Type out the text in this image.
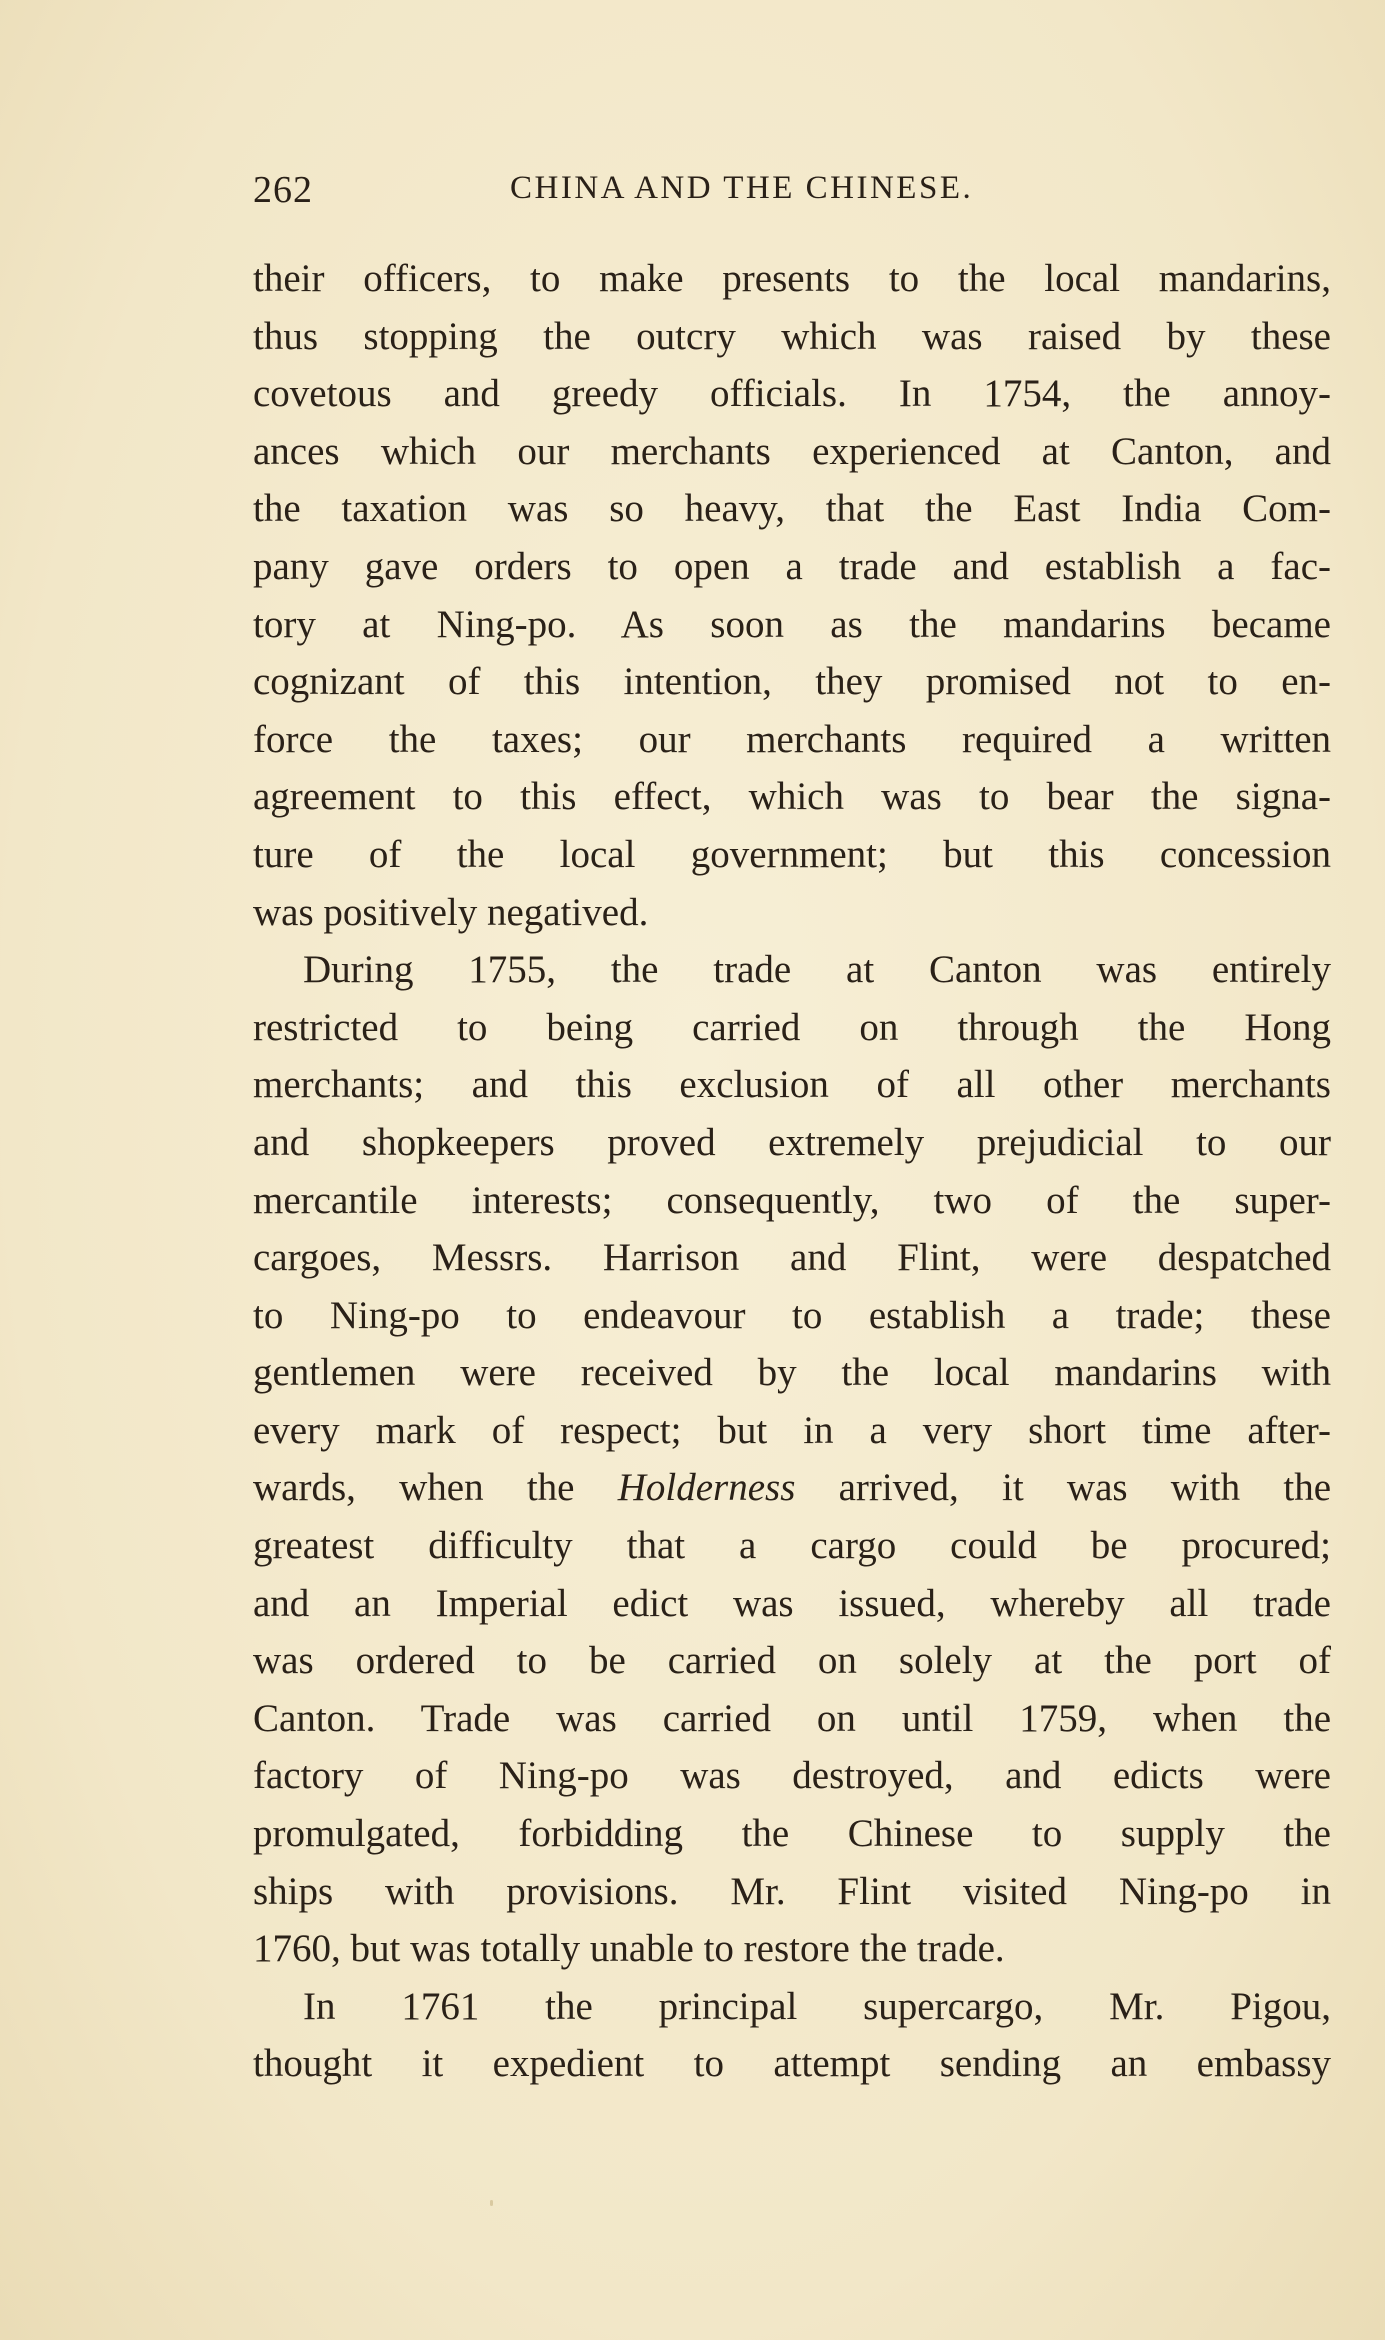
262	CHINA AND THE CHINESE.
their officers, to make presents to the local mandarins,
thus stopping the outcry which was raised by these
covetous and greedy officials. In 1754, the annoy-
ances which our merchants experienced at Canton, and
the taxation was so heavy, that the East India Com-
pany gave orders to open a trade and establish a fac-
tory at Ning-po. As soon as the mandarins became
cognizant of this intention, they promised not to en-
force the taxes; our merchants required a written
agreement to this effect, which was to bear the signa-
ture of the local government; but this concession
was positively negatived.
During 1755, the trade at Canton was entirely
restricted to being carried on through the Hong
merchants; and this exclusion of all other merchants
and shopkeepers proved extremely prejudicial to our
mercantile interests; consequently, two of the super-
cargoes, Messrs. Harrison and Flint, were despatched
to Ning-po to endeavour to establish a trade; these
gentlemen were received by the local mandarins with
every mark of respect; but in a very short time after-
wards, when the Holderness arrived, it was with the
greatest difficulty that a cargo could be procured;
and an Imperial edict was issued, whereby all trade
was ordered to be carried on solely at the port of
Canton. Trade was carried on until 1759, when the
factory of Ning-po was destroyed, and edicts were
promulgated, forbidding the Chinese to supply the
ships with provisions. Mr. Flint visited Ning-po in
1760, but was totally unable to restore the trade.
In 1761 the principal supercargo, Mr. Pigou,
thought it expedient to attempt sending an embassy
